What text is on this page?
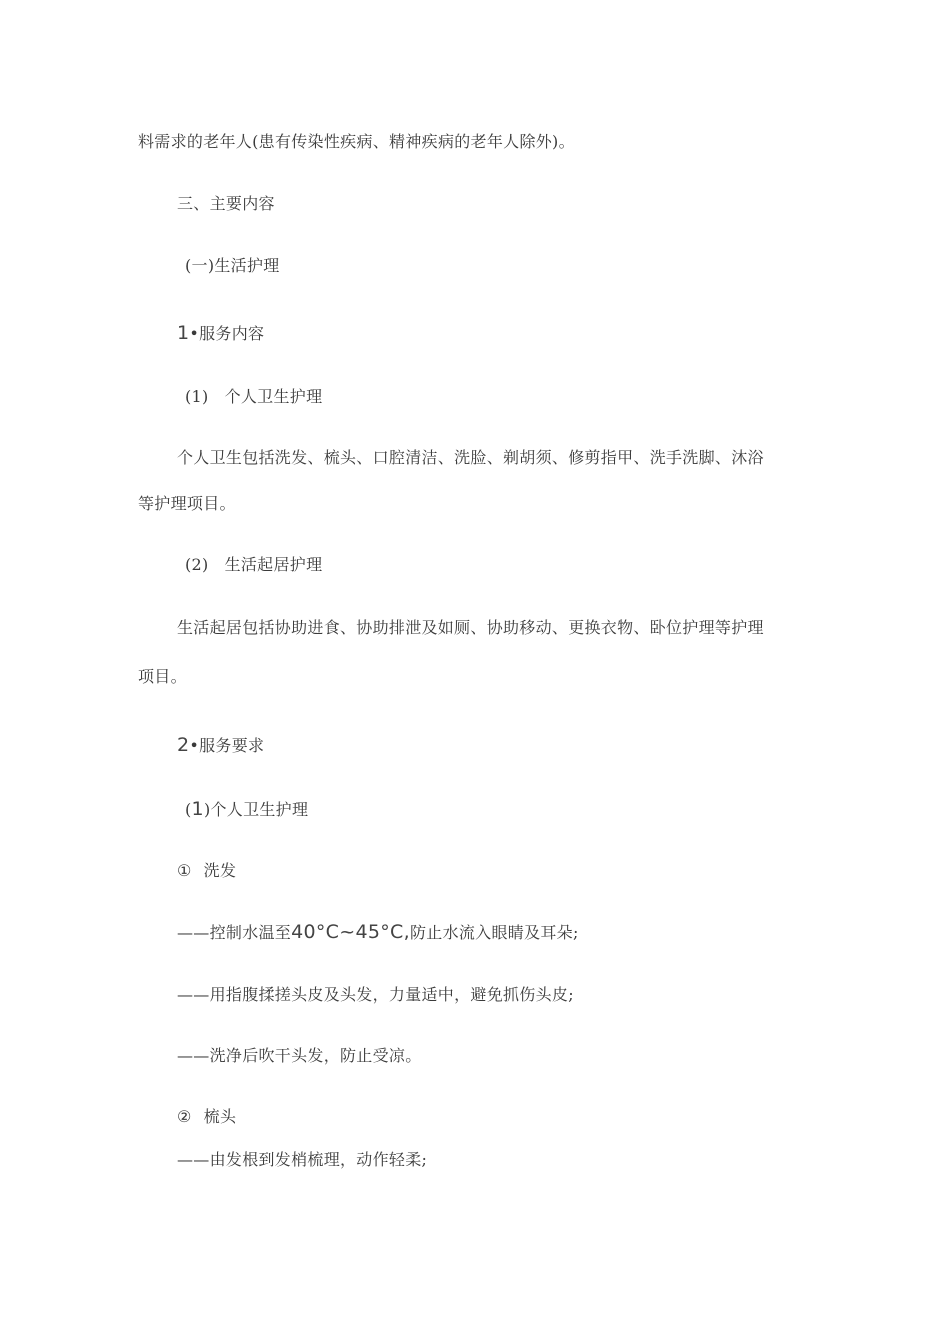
料需求的老年人(患有传染性疾病、精神疾病的老年人除外)。
三、主要内容
(一)生活护理
1•服务内容
(1) 个人卫生护理
个人卫生包括洗发、梳头、口腔清洁、洗脸、剃胡须、修剪指甲、洗手洗脚、沐浴
等护理项目。
(2) 生活起居护理
生活起居包括协助进食、协助排泄及如厕、协助移动、更换衣物、卧位护理等护理
项目。
2•服务要求
(1)个人卫生护理
① 洗发
——控制水温至40°C~45°C,防止水流入眼睛及耳朵;
——用指腹揉搓头皮及头发，力量适中，避免抓伤头皮;
——洗净后吹干头发，防止受凉。
② 梳头
——由发根到发梢梳理，动作轻柔;
